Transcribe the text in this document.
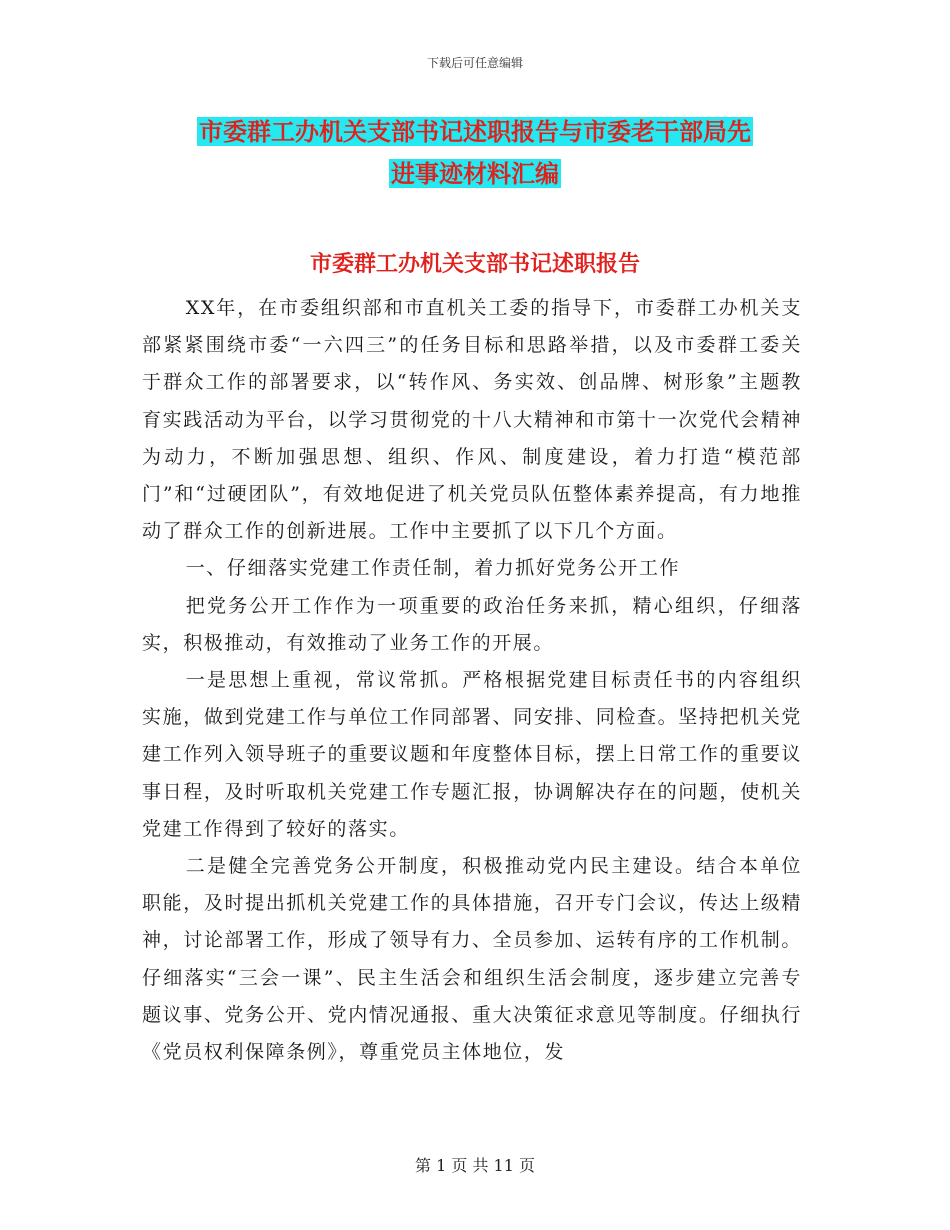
下载后可任意编辑
市委群工办机关支部书记述职报告与市委老干部局先
进事迹材料汇编
市委群工办机关支部书记述职报告

XX年，在市委组织部和市直机关工委的指导下，市委群工办机关支部紧紧围绕市委“一六四三”的任务目标和思路举措，以及市委群工委关于群众工作的部署要求，以“转作风、务实效、创品牌、树形象”主题教育实践活动为平台，以学习贯彻党的十八大精神和市第十一次党代会精神为动力，不断加强思想、组织、作风、制度建设，着力打造“模范部门”和“过硬团队”，有效地促进了机关党员队伍整体素养提高，有力地推动了群众工作的创新进展。工作中主要抓了以下几个方面。

一、仔细落实党建工作责任制，着力抓好党务公开工作

把党务公开工作作为一项重要的政治任务来抓，精心组织，仔细落实，积极推动，有效推动了业务工作的开展。

一是思想上重视，常议常抓。严格根据党建目标责任书的内容组织实施，做到党建工作与单位工作同部署、同安排、同检查。坚持把机关党建工作列入领导班子的重要议题和年度整体目标，摆上日常工作的重要议事日程，及时听取机关党建工作专题汇报，协调解决存在的问题，使机关党建工作得到了较好的落实。

二是健全完善党务公开制度，积极推动党内民主建设。结合本单位职能，及时提出抓机关党建工作的具体措施，召开专门会议，传达上级精神，讨论部署工作，形成了领导有力、全员参加、运转有序的工作机制。仔细落实“三会一课”、民主生活会和组织生活会制度，逐步建立完善专题议事、党务公开、党内情况通报、重大决策征求意见等制度。仔细执行《党员权利保障条例》，尊重党员主体地位，发

第 1 页 共 11 页
